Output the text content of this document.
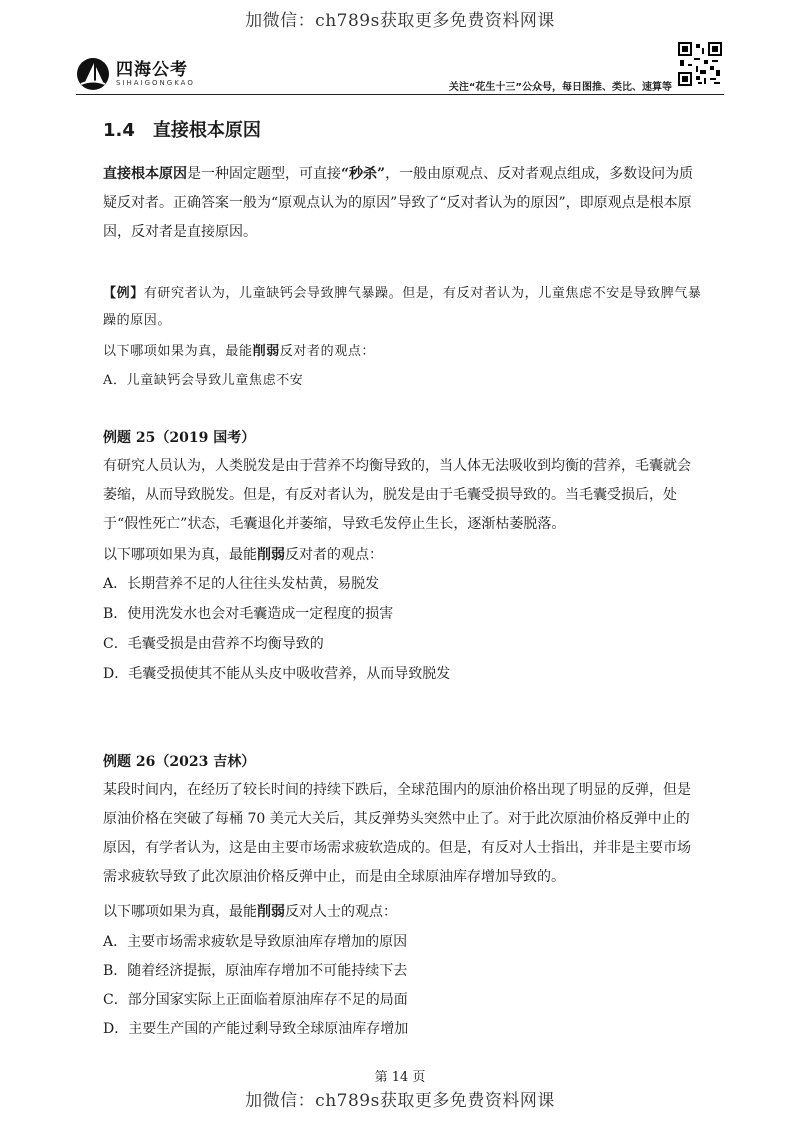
加微信：ch789s获取更多免费资料网课
四海公考
SIHAIGONGKAO	关注“花生十三”公众号，每日图推、类比、速算等
1.4 直接根本原因
直接根本原因是一种固定题型，可直接“秒杀”，一般由原观点、反对者观点组成，多数设问为质疑反对者。正确答案一般为“原观点认为的原因”导致了“反对者认为的原因”，即原观点是根本原因，反对者是直接原因。
【例】有研究者认为，儿童缺钙会导致脾气暴躁。但是，有反对者认为，儿童焦虑不安是导致脾气暴躁的原因。
以下哪项如果为真，最能削弱反对者的观点：
A．儿童缺钙会导致儿童焦虑不安
例题 25（2019 国考）
有研究人员认为，人类脱发是由于营养不均衡导致的，当人体无法吸收到均衡的营养，毛囊就会萎缩，从而导致脱发。但是，有反对者认为，脱发是由于毛囊受损导致的。当毛囊受损后，处于“假性死亡”状态，毛囊退化并萎缩，导致毛发停止生长，逐渐枯萎脱落。
以下哪项如果为真，最能削弱反对者的观点：
A．长期营养不足的人往往头发枯黄，易脱发
B．使用洗发水也会对毛囊造成一定程度的损害
C．毛囊受损是由营养不均衡导致的
D．毛囊受损使其不能从头皮中吸收营养，从而导致脱发
例题 26（2023 吉林）
某段时间内，在经历了较长时间的持续下跌后，全球范围内的原油价格出现了明显的反弹，但是原油价格在突破了每桶 70 美元大关后，其反弹势头突然中止了。对于此次原油价格反弹中止的原因，有学者认为，这是由主要市场需求疲软造成的。但是，有反对人士指出，并非是主要市场需求疲软导致了此次原油价格反弹中止，而是由全球原油库存增加导致的。
以下哪项如果为真，最能削弱反对人士的观点：
A．主要市场需求疲软是导致原油库存增加的原因
B．随着经济提振，原油库存增加不可能持续下去
C．部分国家实际上正面临着原油库存不足的局面
D．主要生产国的产能过剩导致全球原油库存增加
第 14 页
加微信：ch789s获取更多免费资料网课
